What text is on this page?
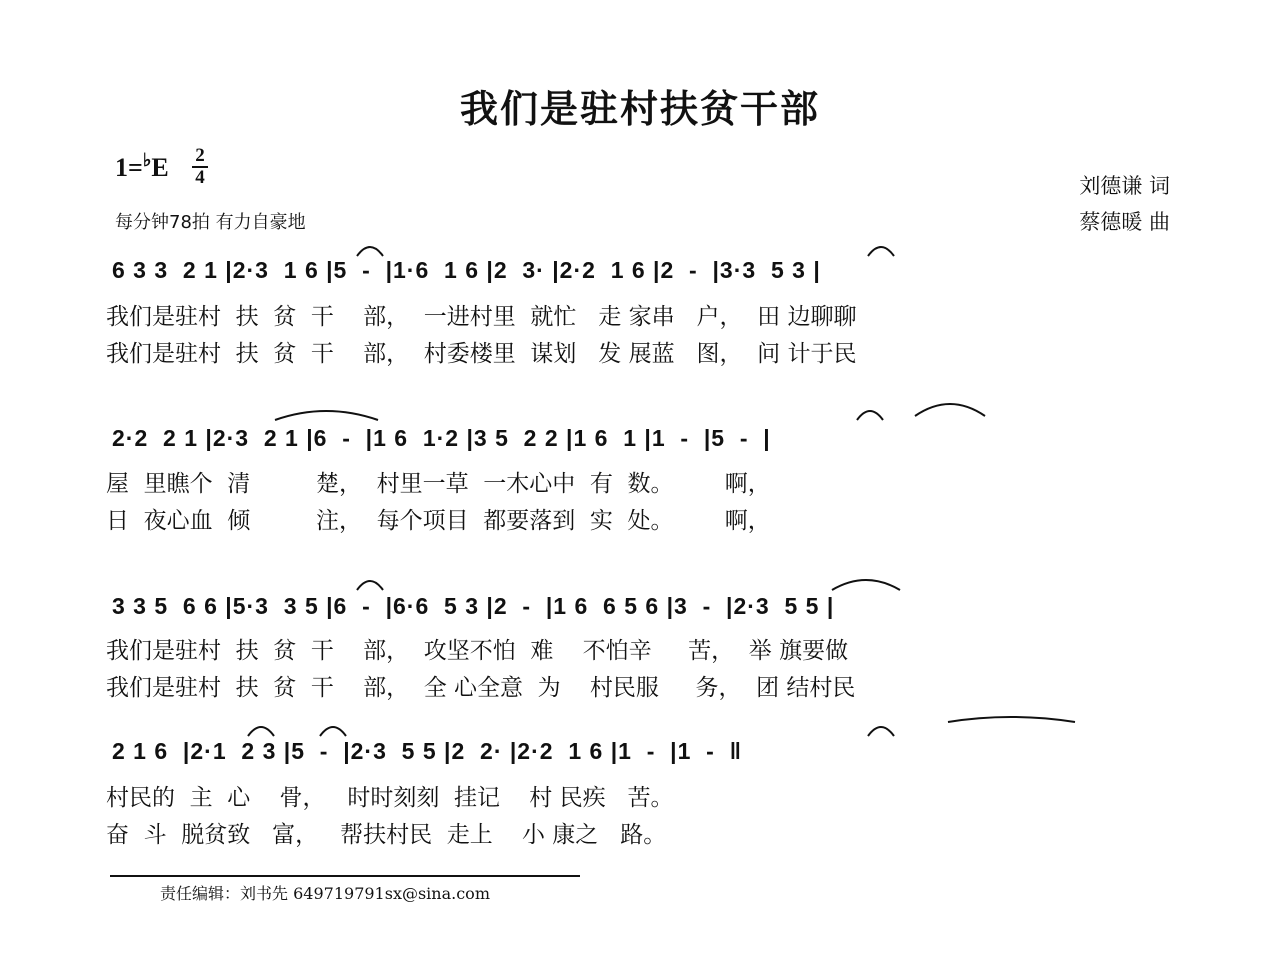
我们是驻村扶贫干部
1=♭E 2
4
每分钟78拍 有力自豪地
刘德谦 词
蔡德暖 曲
6 3 3  2 1 |2·3  1 6 |5  -  |1·6  1 6 |2  3· |2·2  1 6 |2  -  |3·3  5 3 |
我们是驻村  扶  贫  干    部，  一进村里  就忙   走 家串   户，  田 边聊聊
我们是驻村  扶  贫  干    部，  村委楼里  谋划   发 展蓝   图，  问 计于民
2·2  2 1 |2·3  2 1 |6  -  |1 6  1·2 |3 5  2 2 |1 6  1 |1  -  |5  -  |
屋  里瞧个  清         楚，  村里一草  一木心中  有  数。       啊，
日  夜心血  倾         注，  每个项目  都要落到  实  处。       啊，
3 3 5  6 6 |5·3  3 5 |6  -  |6·6  5 3 |2  -  |1 6  6 5 6 |3  -  |2·3  5 5 |
我们是驻村  扶  贫  干    部，  攻坚不怕  难    不怕辛     苦，  举 旗要做
我们是驻村  扶  贫  干    部，  全 心全意  为    村民服     务，  团 结村民
2 1 6  |2·1  2 3 |5  -  |2·3  5 5 |2  2· |2·2  1 6 |1  -  |1  -  ‖
村民的  主  心    骨，   时时刻刻  挂记    村 民疾   苦。
奋  斗  脱贫致   富，   帮扶村民  走上    小 康之   路。
责任编辑：刘书先 649719791sx@sina.com
